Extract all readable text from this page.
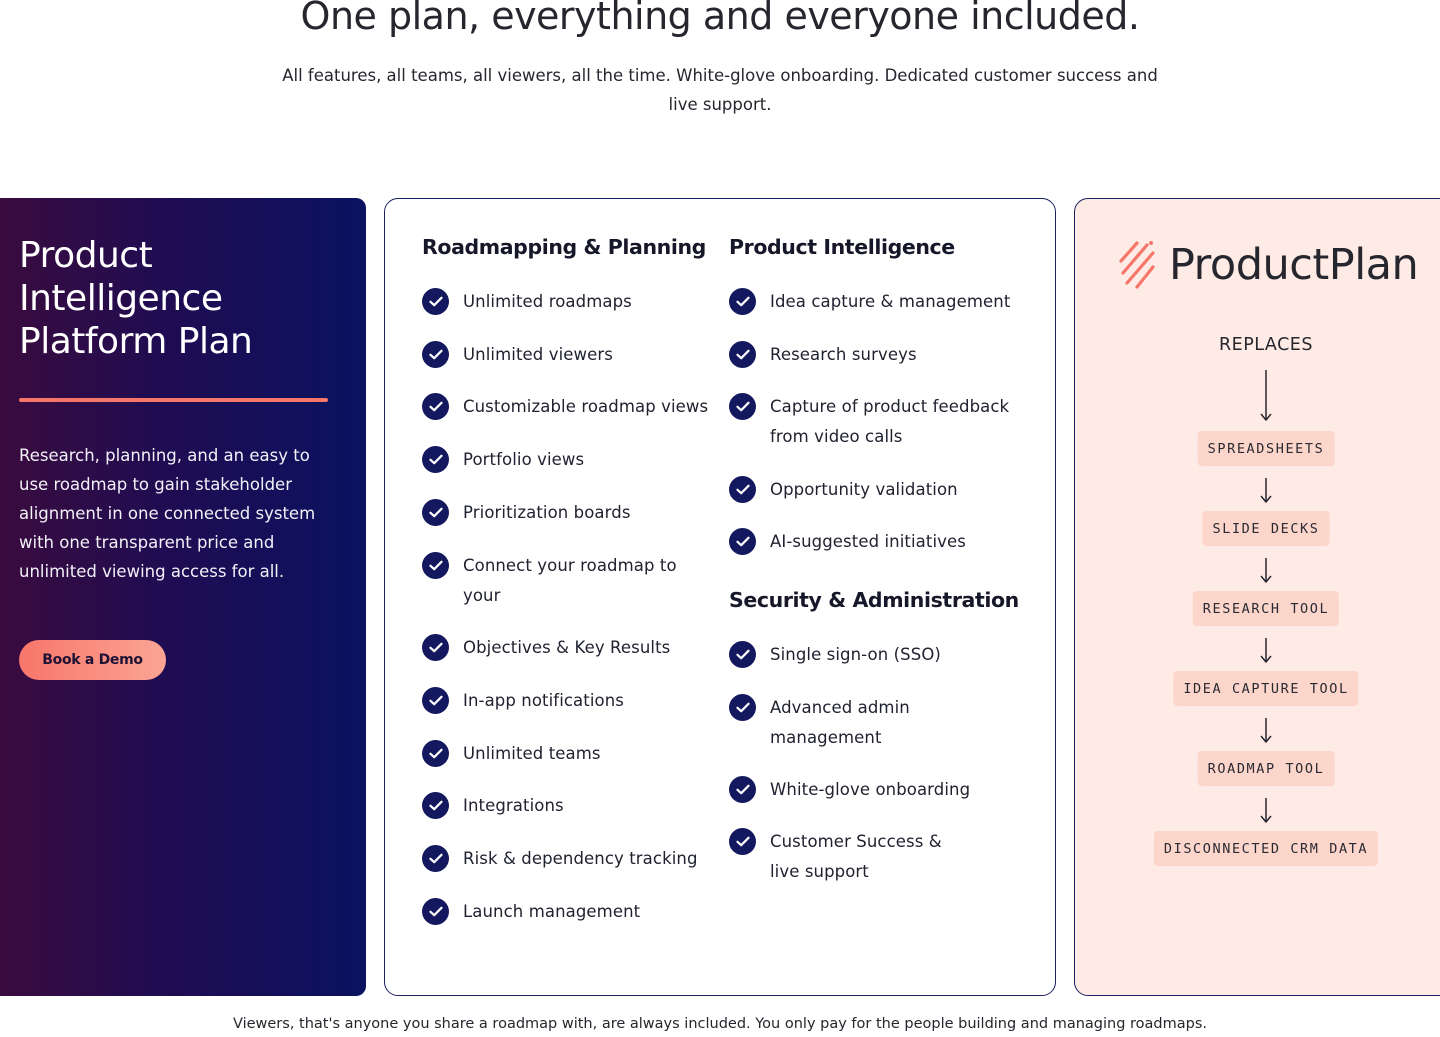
One plan, everything and everyone included.

All features, all teams, all viewers, all the time. White-glove onboarding. Dedicated customer success and live support.

Product Intelligence Platform Plan

Research, planning, and an easy to use roadmap to gain stakeholder alignment in one connected system with one transparent price and unlimited viewing access for all.

Book a Demo
Roadmapping & Planning
Unlimited roadmaps
Unlimited viewers
Customizable roadmap views
Portfolio views
Prioritization boards
Connect your roadmap to your
Objectives & Key Results
In-app notifications
Unlimited teams
Integrations
Risk & dependency tracking
Launch management
Product Intelligence
Idea capture & management
Research surveys
Capture of product feedback from video calls
Opportunity validation
AI-suggested initiatives
Security & Administration
Single sign-on (SSO)
Advanced admin management
White-glove onboarding
Customer Success & live support
ProductPlan
REPLACES
SPREADSHEETS
SLIDE DECKS
RESEARCH TOOL
IDEA CAPTURE TOOL
ROADMAP TOOL
DISCONNECTED CRM DATA

Viewers, that's anyone you share a roadmap with, are always included. You only pay for the people building and managing roadmaps.
